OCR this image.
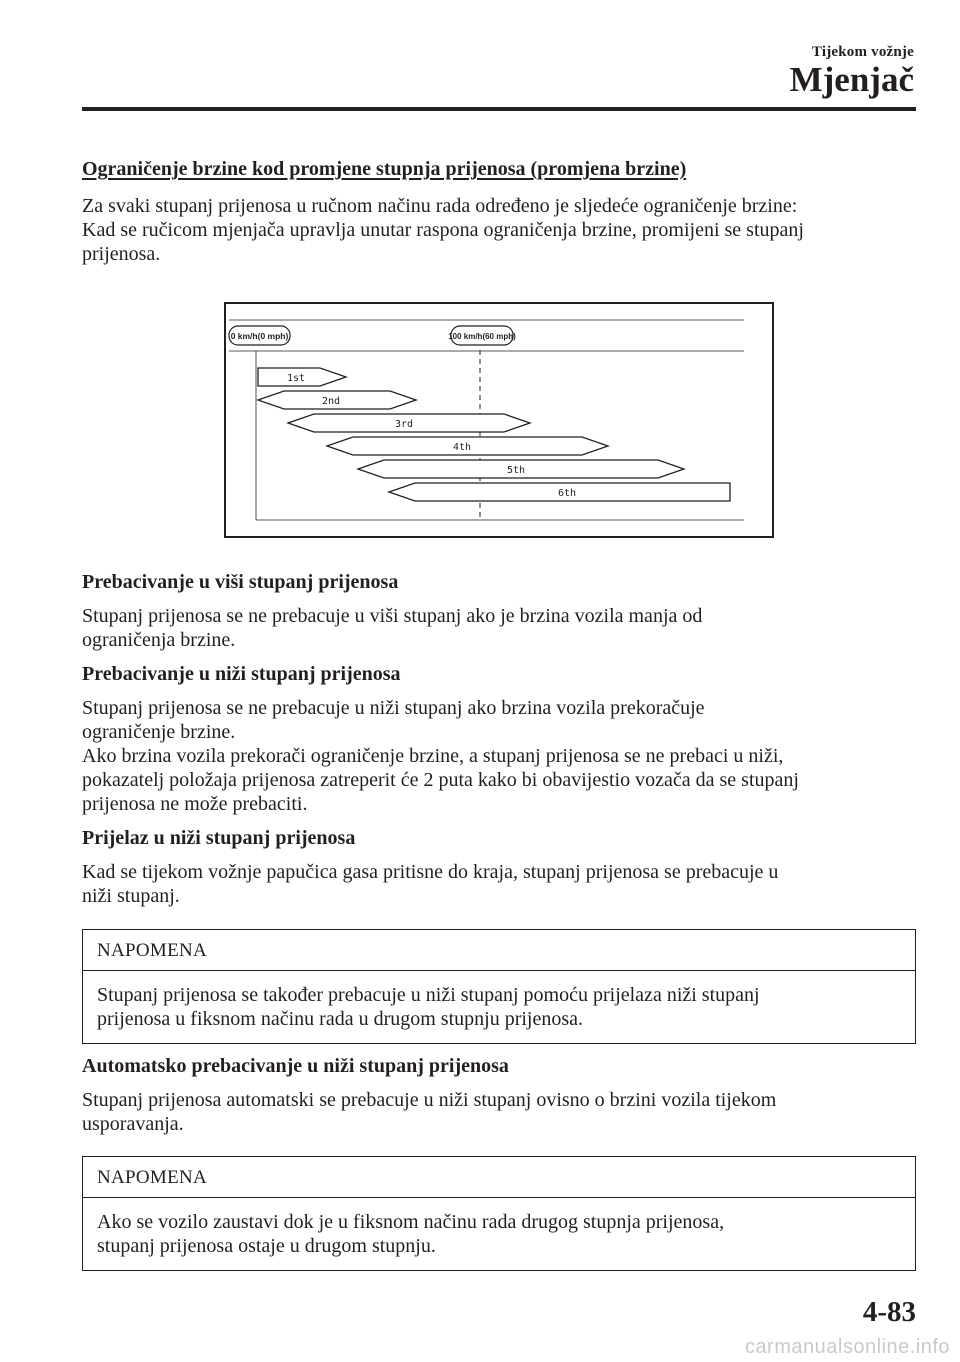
Tijekom vožnje
Mjenjač

Ograničenje brzine kod promjene stupnja prijenosa (promjena brzine)

Za svaki stupanj prijenosa u ručnom načinu rada određeno je sljedeće ograničenje brzine:

Kad se ručicom mjenjača upravlja unutar raspona ograničenja brzine, promijeni se stupanj

prijenosa.

0 km/h(0 mph)	100 km/h(60 mph)
1st
2nd
3rd
4th
5th
6th

Prebacivanje u viši stupanj prijenosa

Stupanj prijenosa se ne prebacuje u viši stupanj ako je brzina vozila manja od

ograničenja brzine.

Prebacivanje u niži stupanj prijenosa

Stupanj prijenosa se ne prebacuje u niži stupanj ako brzina vozila prekoračuje

ograničenje brzine.

Ako brzina vozila prekorači ograničenje brzine, a stupanj prijenosa se ne prebaci u niži,

pokazatelj položaja prijenosa zatreperit će 2 puta kako bi obavijestio vozača da se stupanj

prijenosa ne može prebaciti.

Prijelaz u niži stupanj prijenosa

Kad se tijekom vožnje papučica gasa pritisne do kraja, stupanj prijenosa se prebacuje u

niži stupanj.

NAPOMENA
Stupanj prijenosa se također prebacuje u niži stupanj pomoću prijelaza niži stupanj
prijenosa u fiksnom načinu rada u drugom stupnju prijenosa.

Automatsko prebacivanje u niži stupanj prijenosa

Stupanj prijenosa automatski se prebacuje u niži stupanj ovisno o brzini vozila tijekom

usporavanja.

NAPOMENA
Ako se vozilo zaustavi dok je u fiksnom načinu rada drugog stupnja prijenosa,
stupanj prijenosa ostaje u drugom stupnju.
4-83
carmanualsonline.info
